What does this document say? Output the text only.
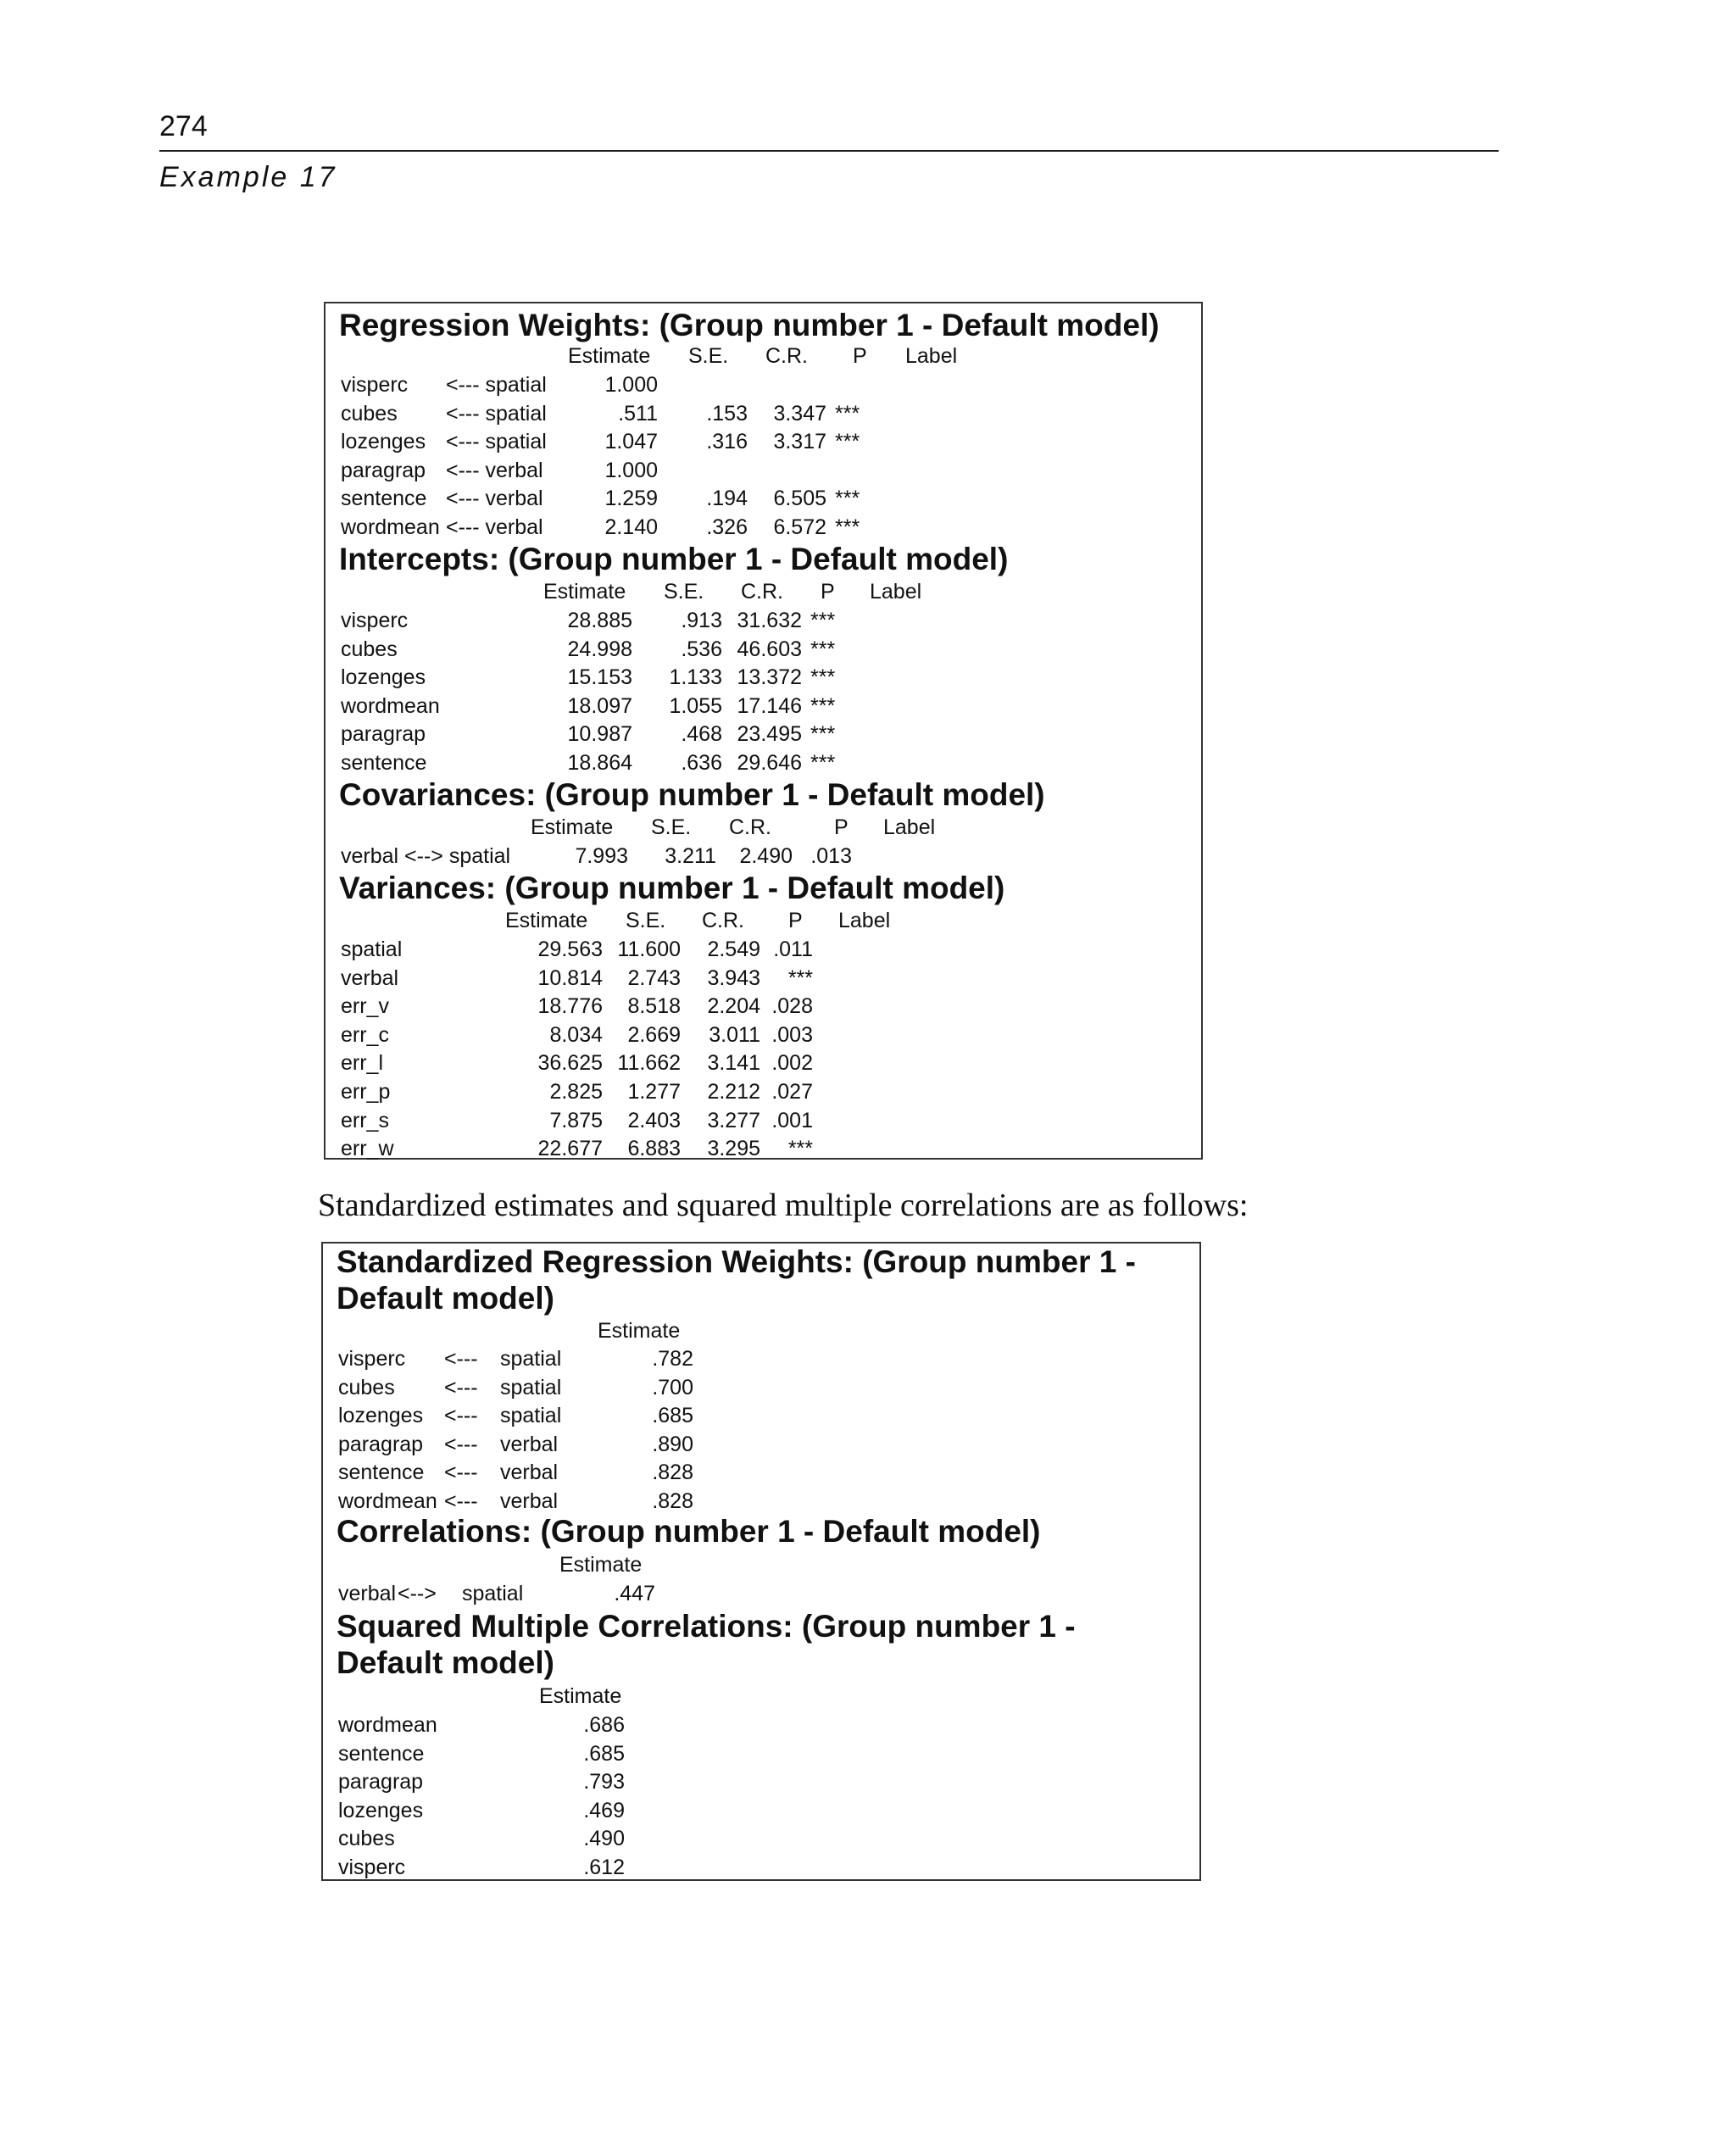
274
Example 17
Regression Weights: (Group number 1 - Default model)
Estimate S.E. C.R. P Label
visperc <--- spatial	1.000
cubes <--- spatial	.511	.153	3.347 ***
lozenges <--- spatial	1.047	.316	3.317 ***
paragrap <--- verbal	1.000
sentence <--- verbal	1.259	.194	6.505 ***
wordmean <--- verbal	2.140	.326	6.572 ***
Intercepts: (Group number 1 - Default model)
Estimate S.E. C.R. P Label
visperc	28.885	.913 31.632 ***
cubes	24.998	.536 46.603 ***
lozenges	15.153	1.133 13.372 ***
wordmean	18.097	1.055 17.146 ***
paragrap	10.987	.468 23.495 ***
sentence	18.864	.636 29.646 ***
Covariances: (Group number 1 - Default model)
Estimate S.E. C.R.	P Label
verbal <--> spatial	7.993	3.211	2.490 .013
Variances: (Group number 1 - Default model)
Estimate S.E. C.R. P Label
spatial	29.563 11.600	2.549 .011
verbal	10.814	2.743	3.943	***
err_v	18.776	8.518	2.204 .028
err_c	8.034	2.669	3.011 .003
err_l	36.625 11.662	3.141 .002
err_p	2.825	1.277	2.212 .027
err_s	7.875	2.403	3.277 .001
err_w	22.677	6.883	3.295	***
Standardized estimates and squared multiple correlations are as follows:
Standardized Regression Weights: (Group number 1 -
Default model)
Estimate
visperc <--- spatial	.782
cubes <--- spatial	.700
lozenges <--- spatial	.685
paragrap <--- verbal	.890
sentence <--- verbal	.828
wordmean <--- verbal	.828
Correlations: (Group number 1 - Default model)
Estimate
verbal <--> spatial	.447
Squared Multiple Correlations: (Group number 1 -
Default model)
Estimate
wordmean	.686
sentence	.685
paragrap	.793
lozenges	.469
cubes	.490
visperc	.612
